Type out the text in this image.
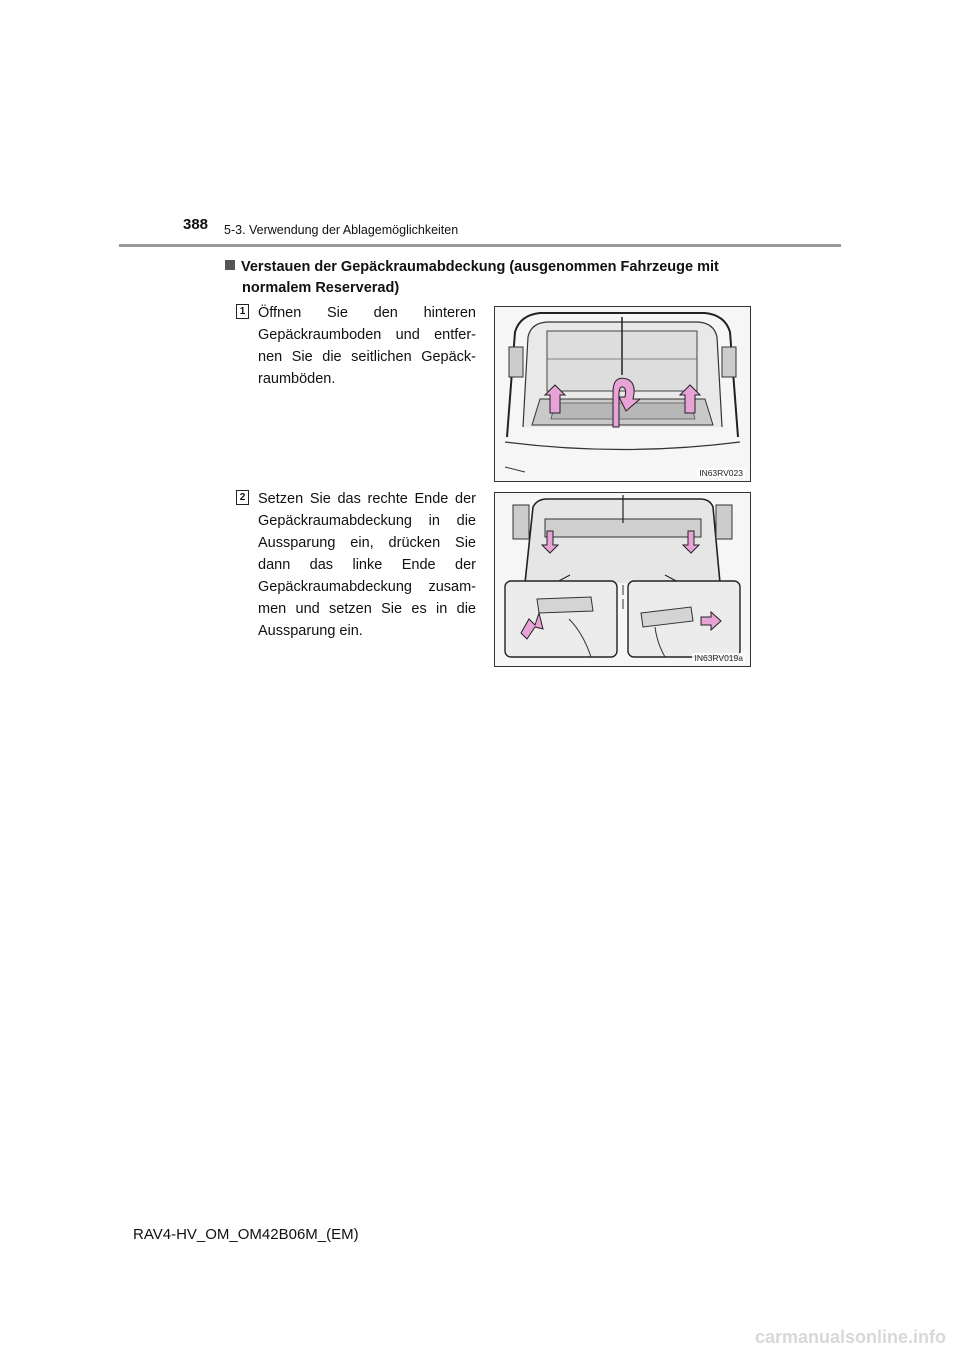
388 5-3. Verwendung der Ablagemöglichkeiten
Verstauen der Gepäckraumabdeckung (ausgenommen Fahrzeuge mit
normalem Reserverad)
1 Öffnen Sie den hinteren Gepäckraumboden und entfer-nen Sie die seitlichen Gepäck-raumböden.
IN63RV023
2 Setzen Sie das rechte Ende der Gepäckraumabdeckung in die Aussparung ein, drücken Sie dann das linke Ende der Gepäckraumabdeckung zusam-men und setzen Sie es in die Aussparung ein.
IN63RV019a
RAV4-HV_OM_OM42B06M_(EM)
carmanualsonline.info
